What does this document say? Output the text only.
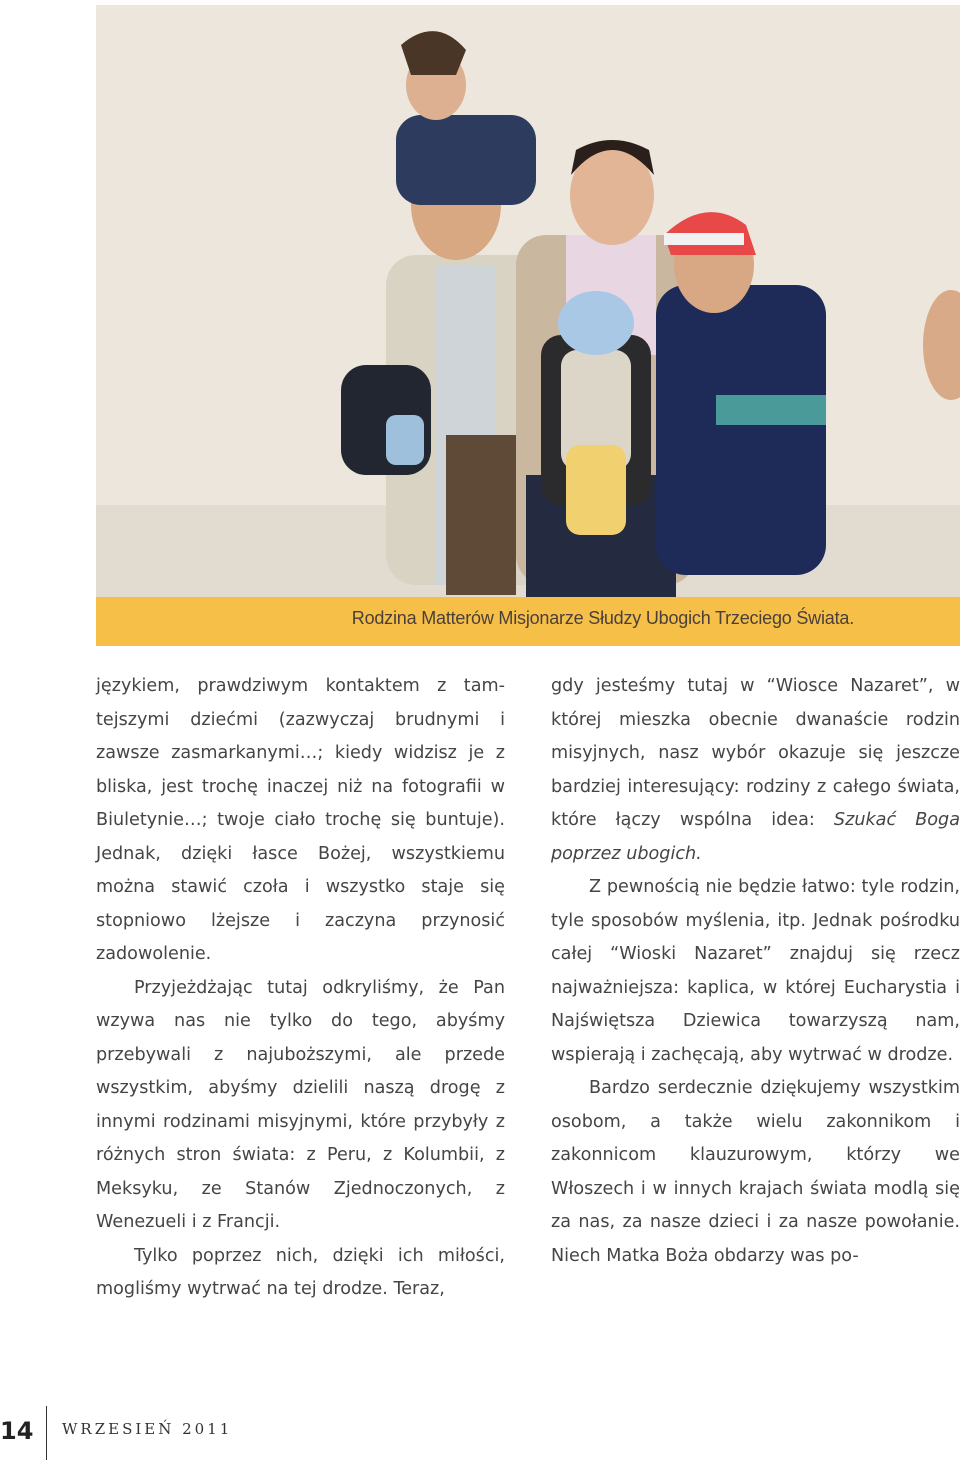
Rodzina Matterów Misjonarze Słudzy Ubogich Trzeciego Świata.

językiem, prawdziwym kontaktem z tamtejszymi dziećmi (zazwyczaj brudnymi i zawsze zasmarkanymi…; kiedy widzisz je z bliska, jest trochę inaczej niż na fotografii w Biuletynie…; twoje ciało trochę się buntuje). Jednak, dzięki łasce Bożej, wszystkiemu można stawić czoła i wszystko staje się stopniowo lżejsze i zaczyna przynosić zadowolenie.

Przyjeżdżając tutaj odkryliśmy, że Pan wzywa nas nie tylko do tego, abyśmy przebywali z najuboższymi, ale przede wszystkim, abyśmy dzielili naszą drogę z innymi rodzinami misyjnymi, które przybyły z różnych stron świata: z Peru, z Kolumbii, z Meksyku, ze Stanów Zjednoczonych, z Wenezueli i z Francji.

Tylko poprzez nich, dzięki ich miłości, mogliśmy wytrwać na tej drodze. Teraz,

gdy jesteśmy tutaj w “Wiosce Nazaret”, w której mieszka obecnie dwanaście rodzin misyjnych, nasz wybór okazuje się jeszcze bardziej interesujący: rodziny z całego świata, które łączy wspólna idea: Szukać Boga poprzez ubogich.

Z pewnością nie będzie łatwo: tyle rodzin, tyle sposobów myślenia, itp. Jednak pośrodku całej “Wioski Nazaret” znajduj się rzecz najważniejsza: kaplica, w której Eucharystia i Najświętsza Dziewica towarzyszą nam, wspierają i zachęcają, aby wytrwać w drodze.

Bardzo serdecznie dziękujemy wszystkim osobom, a także wielu zakonnikom i zakonnicom klauzurowym, którzy we Włoszech i w innych krajach świata modlą się za nas, za nasze dzieci i za nasze powołanie. Niech Matka Boża obdarzy was po-

14 WRZESIEŃ 2011
